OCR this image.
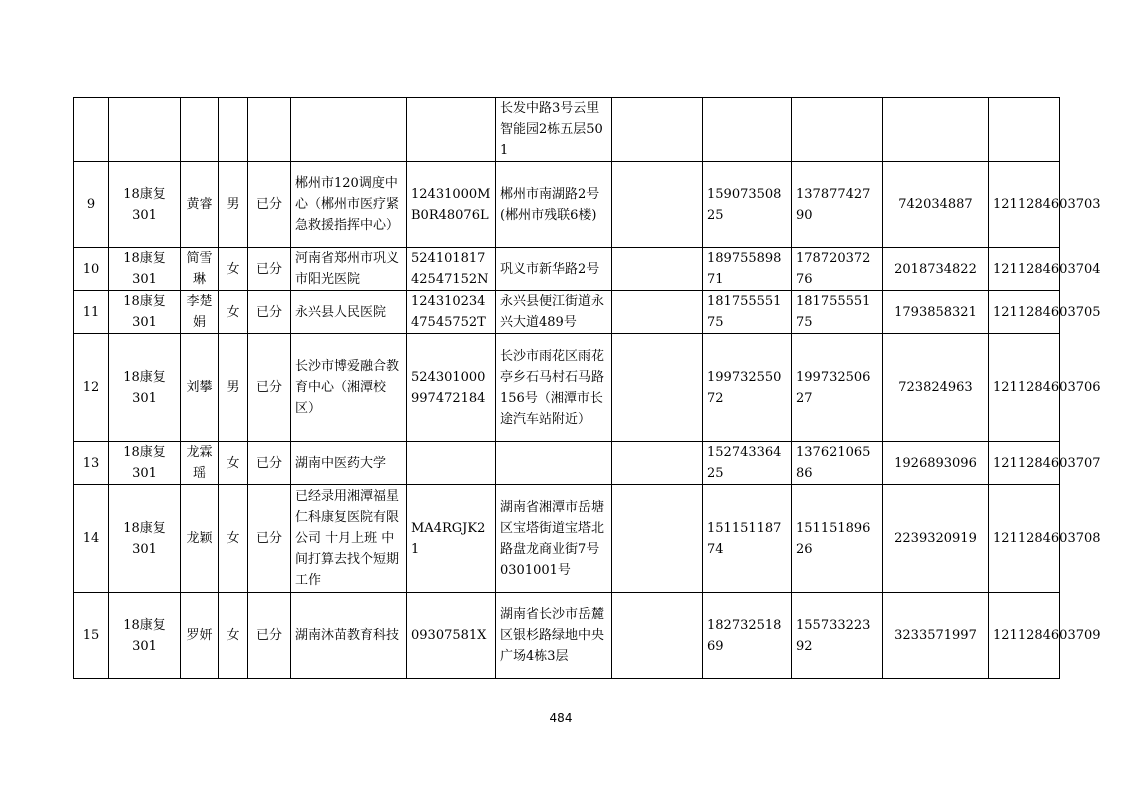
							长发中路3号云里智能园2栋五层501					
9	18康复301	黄睿	男	已分	郴州市120调度中心（郴州市医疗紧急救援指挥中心）	12431000MB0R48076L	郴州市南湖路2号(郴州市残联6楼)		15907350825	13787742790	742034887	1211284603703
10	18康复301	简雪琳	女	已分	河南省郑州市巩义市阳光医院	52410181742547152N	巩义市新华路2号		18975589871	17872037276	2018734822	1211284603704
11	18康复301	李楚娟	女	已分	永兴县人民医院	12431023447545752T	永兴县便江街道永兴大道489号		18175555175	18175555175	1793858321	1211284603705
12	18康复301	刘攀	男	已分	长沙市博爱融合教育中心（湘潭校区）	524301000997472184	长沙市雨花区雨花亭乡石马村石马路156号（湘潭市长途汽车站附近）		19973255072	19973250627	723824963	1211284603706
13	18康复301	龙霖瑶	女	已分	湖南中医药大学				15274336425	13762106586	1926893096	1211284603707
14	18康复301	龙颖	女	已分	已经录用湘潭福星仁科康复医院有限公司 十月上班 中间打算去找个短期工作	MA4RGJK21	湖南省湘潭市岳塘区宝塔街道宝塔北路盘龙商业街7号0301001号		15115118774	15115189626	2239320919	1211284603708
15	18康复301	罗妍	女	已分	湖南沐苗教育科技	09307581X	湖南省长沙市岳麓区银杉路绿地中央广场4栋3层		18273251869	15573322392	3233571997	1211284603709
484
